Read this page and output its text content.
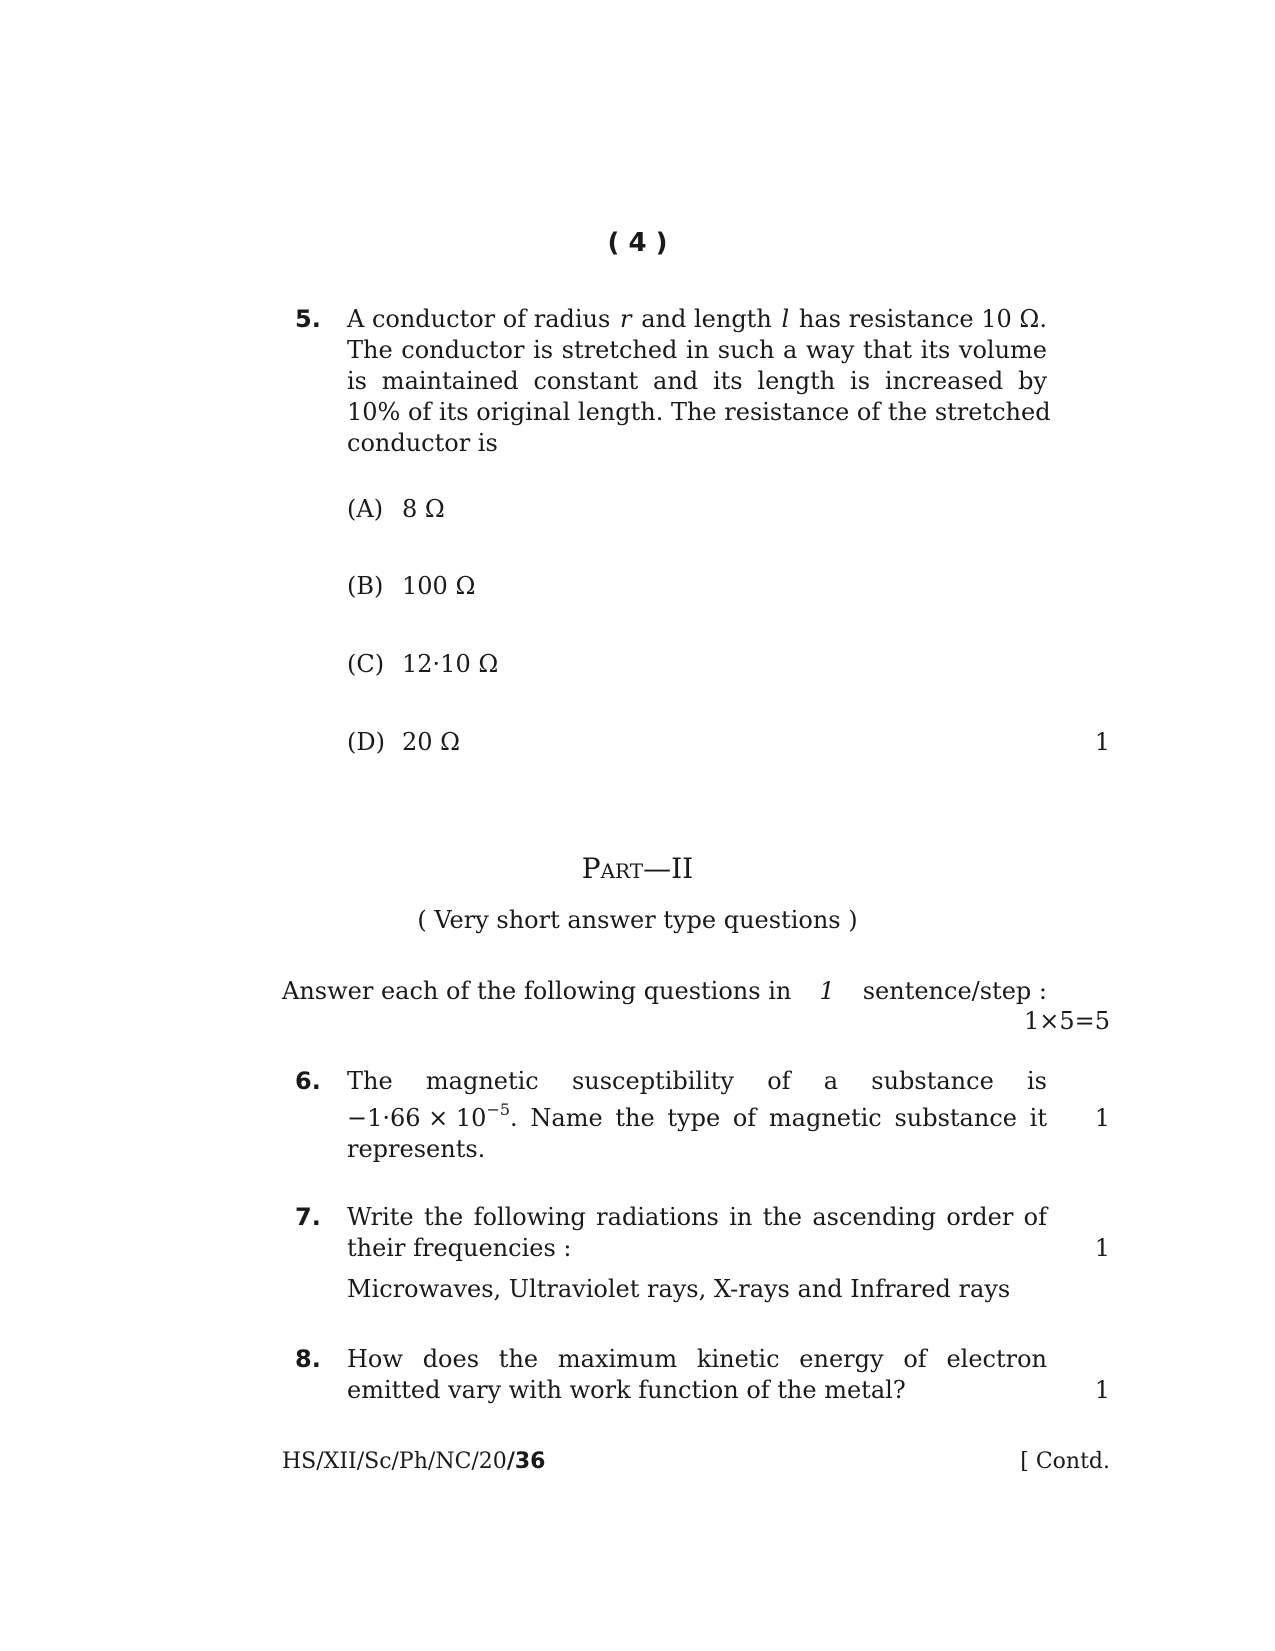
( 4 )
5.	A conductor of radius r and length l has resistance 10 Ω.
The conductor is stretched in such a way that its volume
is maintained constant and its length is increased by
10% of its original length. The resistance of the stretched
conductor is
(A) 8 Ω
(B) 100 Ω
(C) 12·10 Ω
(D) 20 Ω	1
Part—II
( Very short answer type questions )
Answer each of the following questions in 1 sentence/step :
1×5=5
6.	The magnetic susceptibility of a substance is
$-1\cdot 66 \times 10^{-5}$ . Name the type of magnetic substance it
represents.
1
7.	Write the following radiations in the ascending order of
their frequencies :
Microwaves, Ultraviolet rays, X-rays and Infrared rays
1
8.	How does the maximum kinetic energy of electron
emitted vary with work function of the metal?	1
HS/XII/Sc/Ph/NC/20/36	[ Contd.
